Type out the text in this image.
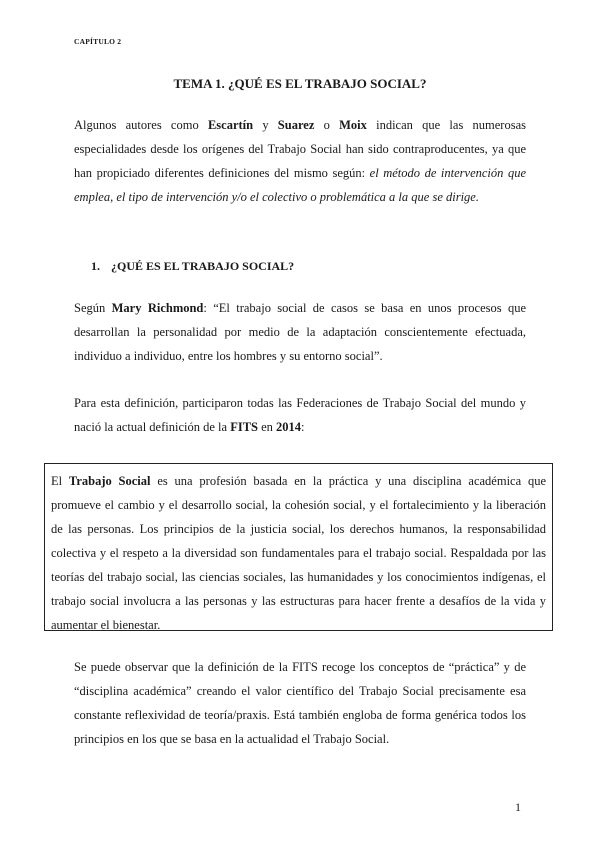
CAPÍTULO 2
TEMA 1. ¿QUÉ ES EL TRABAJO SOCIAL?
Algunos autores como Escartín y Suarez o Moix indican que las numerosas especialidades desde los orígenes del Trabajo Social han sido contraproducentes, ya que han propiciado diferentes definiciones del mismo según: el método de intervención que emplea, el tipo de intervención y/o el colectivo o problemática a la que se dirige.
1. ¿QUÉ ES EL TRABAJO SOCIAL?
Según Mary Richmond: “El trabajo social de casos se basa en unos procesos que desarrollan la personalidad por medio de la adaptación conscientemente efectuada, individuo a individuo, entre los hombres y su entorno social”.
Para esta definición, participaron todas las Federaciones de Trabajo Social del mundo y nació la actual definición de la FITS en 2014:
El Trabajo Social es una profesión basada en la práctica y una disciplina académica que promueve el cambio y el desarrollo social, la cohesión social, y el fortalecimiento y la liberación de las personas. Los principios de la justicia social, los derechos humanos, la responsabilidad colectiva y el respeto a la diversidad son fundamentales para el trabajo social. Respaldada por las teorías del trabajo social, las ciencias sociales, las humanidades y los conocimientos indígenas, el trabajo social involucra a las personas y las estructuras para hacer frente a desafíos de la vida y aumentar el bienestar.
Se puede observar que la definición de la FITS recoge los conceptos de “práctica” y de “disciplina académica” creando el valor científico del Trabajo Social precisamente esa constante reflexividad de teoría/praxis. Está también engloba de forma genérica todos los principios en los que se basa en la actualidad el Trabajo Social.
1
